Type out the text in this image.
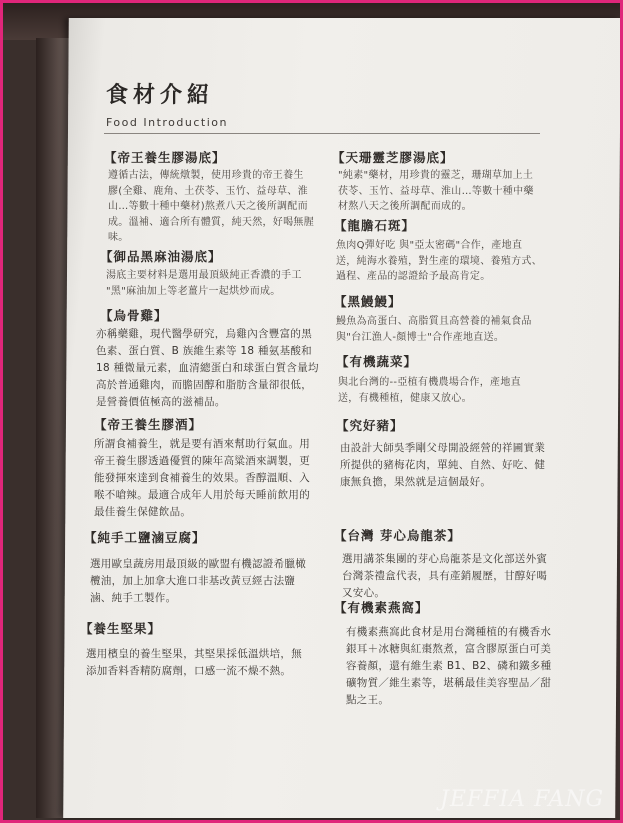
食材介紹
Food Introduction
【帝王養生膠湯底】
遵循古法，傳統燉製，使用珍貴的帝王養生
膠(全雞、鹿角、土茯苓、玉竹、益母草、淮
山…等數十種中藥材)熬煮八天之後所調配而
成。溫補、適合所有體質，純天然，好喝無腥
味。
【御品黑麻油湯底】
湯底主要材料是選用最頂級純正香濃的手工
"黑"麻油加上等老薑片一起烘炒而成。
【烏骨雞】
亦稱藥雞，現代醫學研究，烏雞內含豐富的黑
色素、蛋白質、B 族維生素等 18 種氨基酸和
18 種微量元素，血清總蛋白和球蛋白質含量均
高於普通雞肉，而膽固醇和脂肪含量卻很低，
是營養價值極高的滋補品。
【帝王養生膠酒】
所謂食補養生，就是要有酒來幫助行氣血。用
帝王養生膠透過優質的陳年高粱酒來調製，更
能發揮來達到食補養生的效果。香醇溫順、入
喉不嗆辣。最適合成年人用於每天睡前飲用的
最佳養生保健飲品。
【純手工鹽滷豆腐】
選用歐皇蔬房用最頂級的歐盟有機認證希臘橄
欖油，加上加拿大進口非基改黃豆經古法鹽
滷、純手工製作。
【養生堅果】
選用檳皇的養生堅果，其堅果採低溫烘培，無
添加香料香精防腐劑，口感一流不燥不熱。
【天珊靈芝膠湯底】
"純素"藥材，用珍貴的靈芝，珊瑚草加上土
茯苓、玉竹、益母草、淮山…等數十種中藥
材熬八天之後所調配而成的。
【龍膽石斑】
魚肉Q彈好吃 與"亞太密碼"合作，產地直
送，純海水養殖，對生產的環境、養殖方式、
過程、產品的認證給予最高肯定。
【黑鰻鰻】
鰻魚為高蛋白、高脂質且高營養的補氣食品
與"台江漁人-顏博士"合作產地直送。
【有機蔬菜】
與北台灣的--亞植有機農場合作，產地直
送，有機種植，健康又放心。
【究好豬】
由設計大師吳季剛父母開設經營的祥圃實業
所提供的豬梅花肉，單純、自然、好吃、健
康無負擔，果然就是這個最好。
【台灣 芽心烏龍茶】
選用講茶集團的芽心烏龍茶是文化部送外賓
台灣茶禮盒代表，具有產銷履歷，甘醇好喝
又安心。
【有機素燕窩】
有機素燕窩此食材是用台灣種植的有機香水
銀耳＋冰糖與紅棗熬煮，富含膠原蛋白可美
容養顏，還有維生素 B1、B2、磷和鐵多種
礦物質／維生素等，堪稱最佳美容聖品／甜
點之王。
JEFFIA FANG
